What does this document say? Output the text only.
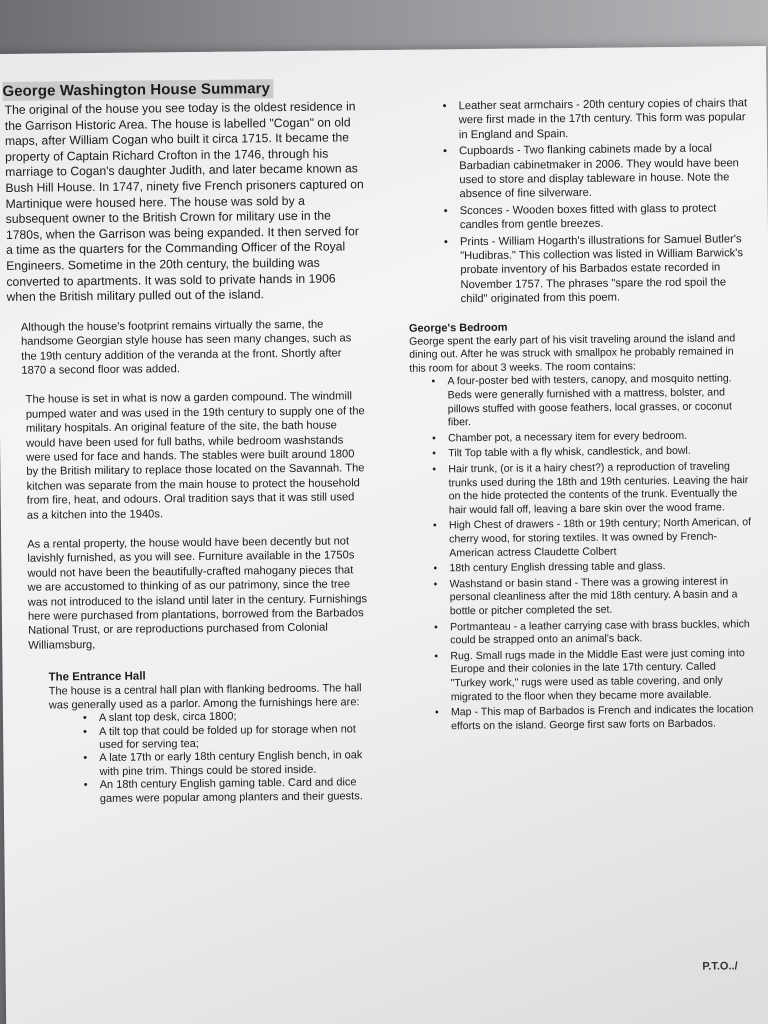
George Washington House Summary

The original of the house you see today is the oldest residence in the Garrison Historic Area. The house is labelled "Cogan" on old maps, after William Cogan who built it circa 1715. It became the property of Captain Richard Crofton in the 1746, through his marriage to Cogan's daughter Judith, and later became known as Bush Hill House. In 1747, ninety five French prisoners captured on Martinique were housed here. The house was sold by a subsequent owner to the British Crown for military use in the 1780s, when the Garrison was being expanded. It then served for a time as the quarters for the Commanding Officer of the Royal Engineers. Sometime in the 20th century, the building was converted to apartments. It was sold to private hands in 1906 when the British military pulled out of the island.

Although the house's footprint remains virtually the same, the handsome Georgian style house has seen many changes, such as the 19th century addition of the veranda at the front. Shortly after 1870 a second floor was added.

The house is set in what is now a garden compound. The windmill pumped water and was used in the 19th century to supply one of the military hospitals. An original feature of the site, the bath house would have been used for full baths, while bedroom washstands were used for face and hands. The stables were built around 1800 by the British military to replace those located on the Savannah. The kitchen was separate from the main house to protect the household from fire, heat, and odours. Oral tradition says that it was still used as a kitchen into the 1940s.

As a rental property, the house would have been decently but not lavishly furnished, as you will see. Furniture available in the 1750s would not have been the beautifully-crafted mahogany pieces that we are accustomed to thinking of as our patrimony, since the tree was not introduced to the island until later in the century. Furnishings here were purchased from plantations, borrowed from the Barbados National Trust, or are reproductions purchased from Colonial Williamsburg,

The Entrance Hall

The house is a central hall plan with flanking bedrooms. The hall was generally used as a parlor. Among the furnishings here are:

• A slant top desk, circa 1800;
• A tilt top that could be folded up for storage when not used for serving tea;
• A late 17th or early 18th century English bench, in oak with pine trim. Things could be stored inside.
• An 18th century English gaming table. Card and dice games were popular among planters and their guests.
• Leather seat armchairs - 20th century copies of chairs that were first made in the 17th century. This form was popular in England and Spain.
• Cupboards - Two flanking cabinets made by a local Barbadian cabinetmaker in 2006. They would have been used to store and display tableware in house. Note the absence of fine silverware.
• Sconces - Wooden boxes fitted with glass to protect candles from gentle breezes.
• Prints - William Hogarth's illustrations for Samuel Butler's "Hudibras." This collection was listed in William Barwick's probate inventory of his Barbados estate recorded in November 1757. The phrases "spare the rod spoil the child" originated from this poem.
George's Bedroom

George spent the early part of his visit traveling around the island and dining out. After he was struck with smallpox he probably remained in this room for about 3 weeks. The room contains:

• A four-poster bed with testers, canopy, and mosquito netting. Beds were generally furnished with a mattress, bolster, and pillows stuffed with goose feathers, local grasses, or coconut fiber.
• Chamber pot, a necessary item for every bedroom.
• Tilt Top table with a fly whisk, candlestick, and bowl.
• Hair trunk, (or is it a hairy chest?) a reproduction of traveling trunks used during the 18th and 19th centuries. Leaving the hair on the hide protected the contents of the trunk. Eventually the hair would fall off, leaving a bare skin over the wood frame.
• High Chest of drawers - 18th or 19th century; North American, of cherry wood, for storing textiles. It was owned by French- American actress Claudette Colbert
• 18th century English dressing table and glass.
• Washstand or basin stand - There was a growing interest in personal cleanliness after the mid 18th century. A basin and a bottle or pitcher completed the set.
• Portmanteau - a leather carrying case with brass buckles, which could be strapped onto an animal's back.
• Rug. Small rugs made in the Middle East were just coming into Europe and their colonies in the late 17th century. Called "Turkey work," rugs were used as table covering, and only migrated to the floor when they became more available.
• Map - This map of Barbados is French and indicates the location efforts on the island. George first saw forts on Barbados.
P.T.O../
